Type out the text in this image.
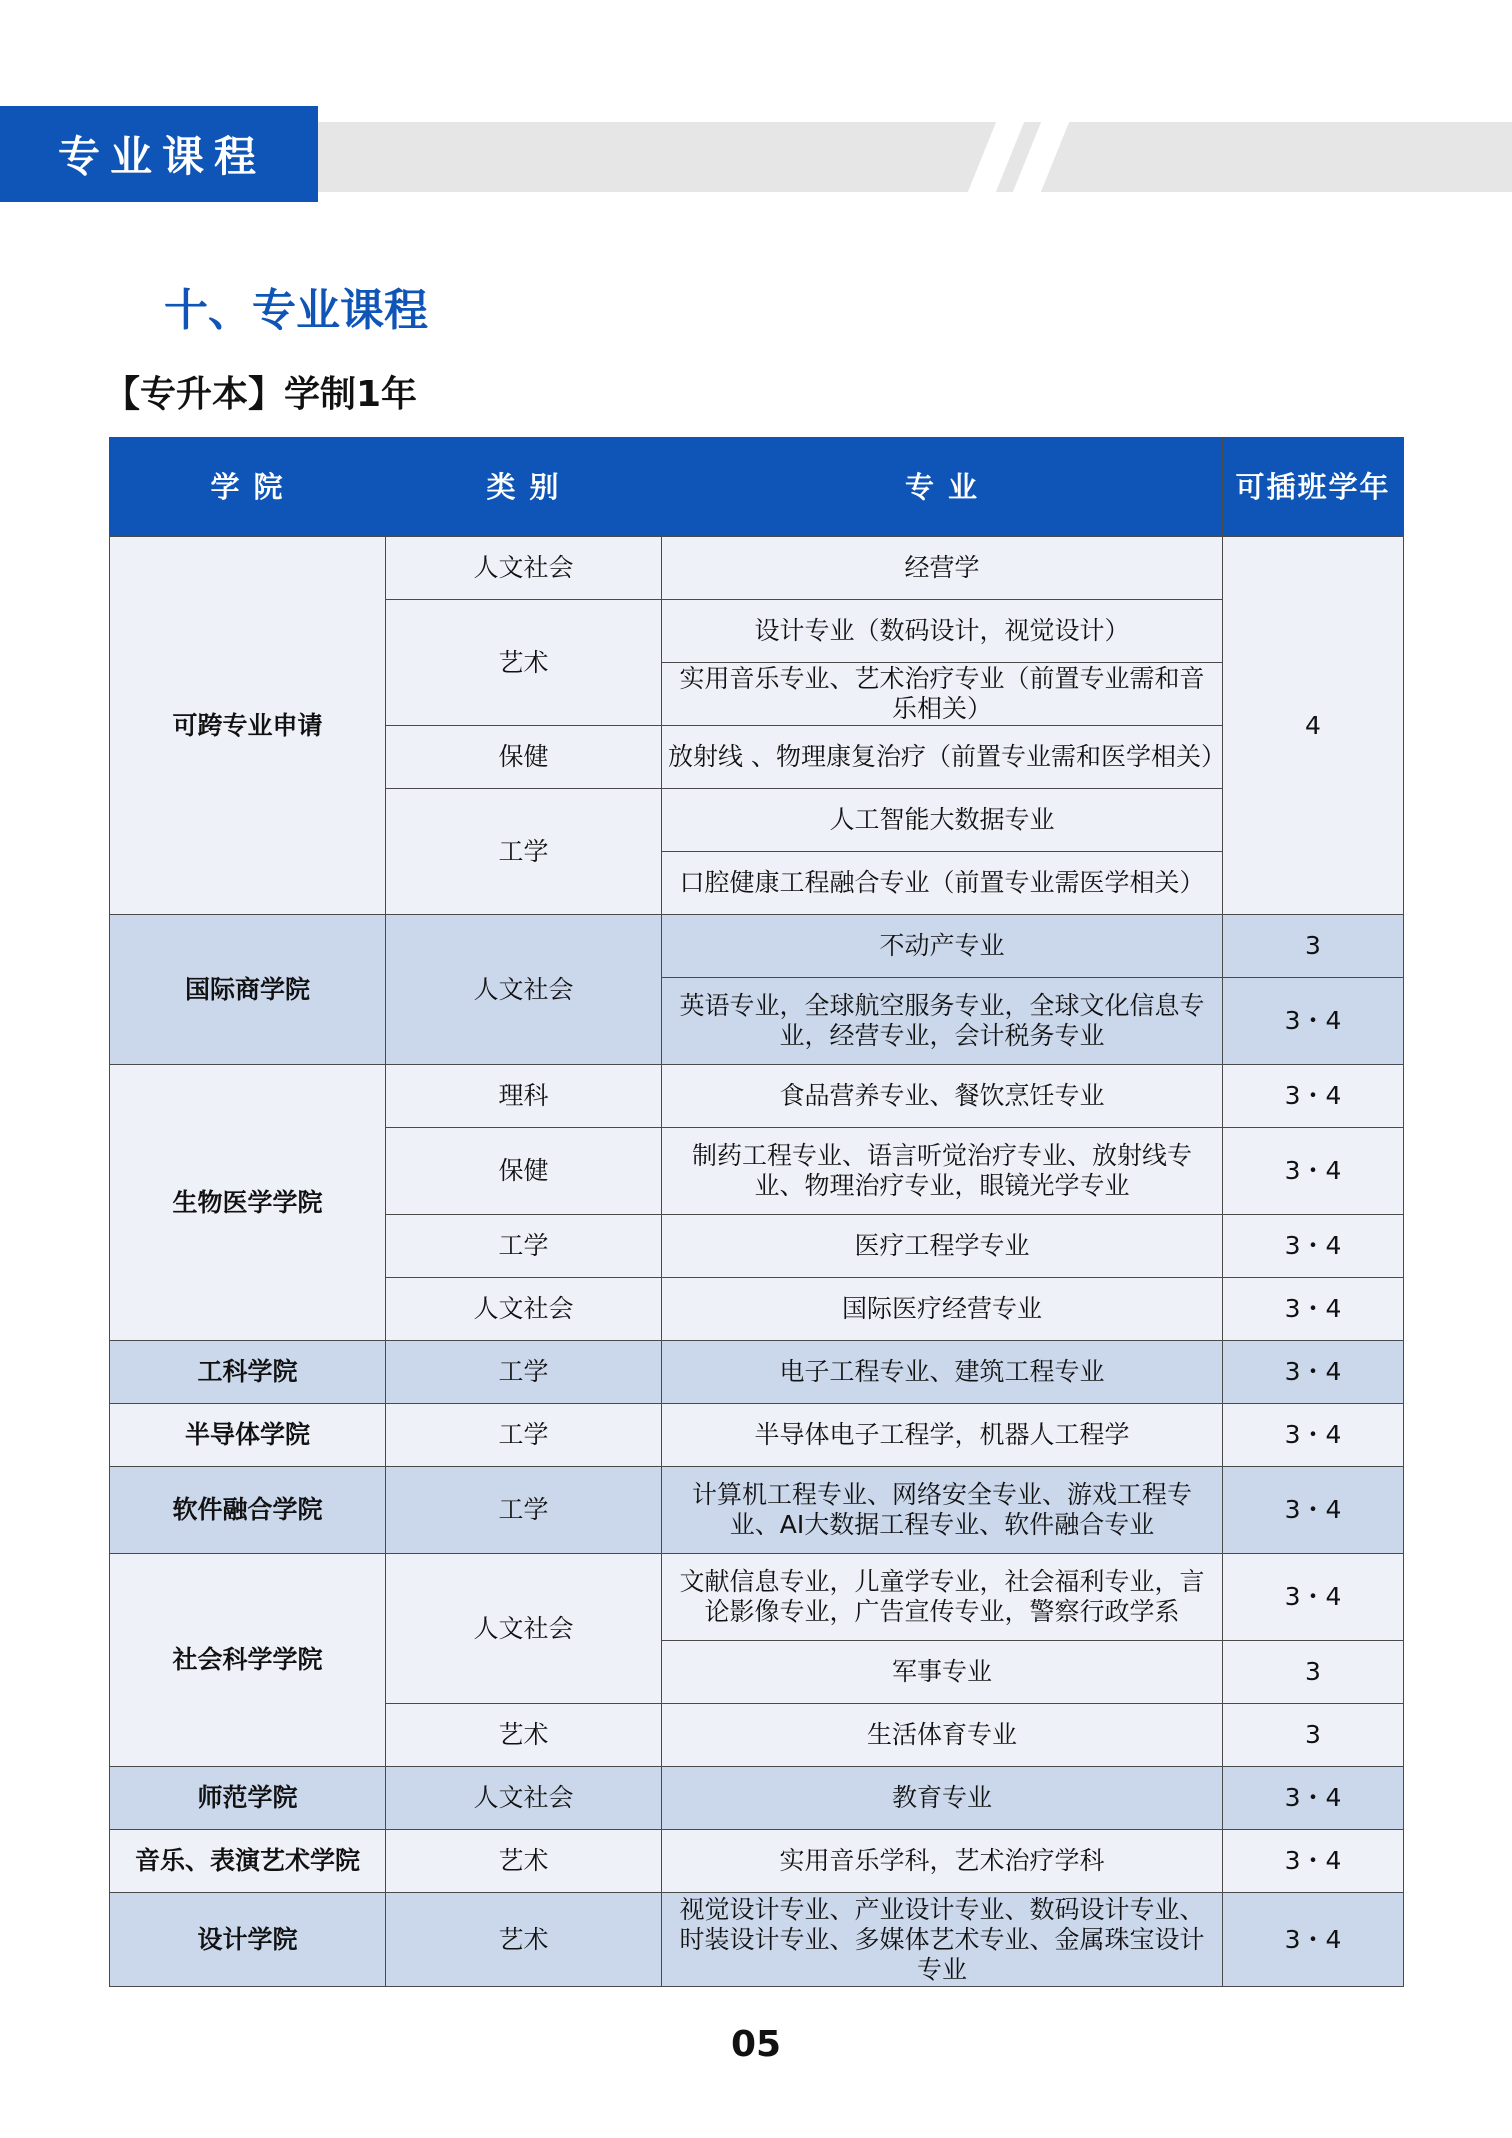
专业课程
十、专业课程
【专升本】学制1年
学 院	类 别	专 业	可插班学年
可跨专业申请	人文社会	经营学	4
	艺术	设计专业（数码设计，视觉设计）	
		实用音乐专业、艺术治疗专业（前置专业需和音乐相关）	
	保健	放射线 、物理康复治疗（前置专业需和医学相关）	
	工学	人工智能大数据专业	
		口腔健康工程融合专业（前置专业需医学相关）	
国际商学院	人文社会	不动产专业	3
		英语专业，全球航空服务专业，全球文化信息专业，经营专业，会计税务专业	3・4
生物医学学院	理科	食品营养专业、餐饮烹饪专业	3・4
	保健	制药工程专业、语言听觉治疗专业、放射线专业、物理治疗专业，眼镜光学专业	3・4
	工学	医疗工程学专业	3・4
	人文社会	国际医疗经营专业	3・4
工科学院	工学	电子工程专业、建筑工程专业	3・4
半导体学院	工学	半导体电子工程学，机器人工程学	3・4
软件融合学院	工学	计算机工程专业、网络安全专业、游戏工程专业、AI大数据工程专业、软件融合专业	3・4
社会科学学院	人文社会	文献信息专业，儿童学专业，社会福利专业，言论影像专业，广告宣传专业，警察行政学系	3・4
		军事专业	3
	艺术	生活体育专业	3
师范学院	人文社会	教育专业	3・4
音乐、表演艺术学院	艺术	实用音乐学科，艺术治疗学科	3・4
设计学院	艺术	视觉设计专业、产业设计专业、数码设计专业、时装设计专业、多媒体艺术专业、金属珠宝设计专业	3・4
05
